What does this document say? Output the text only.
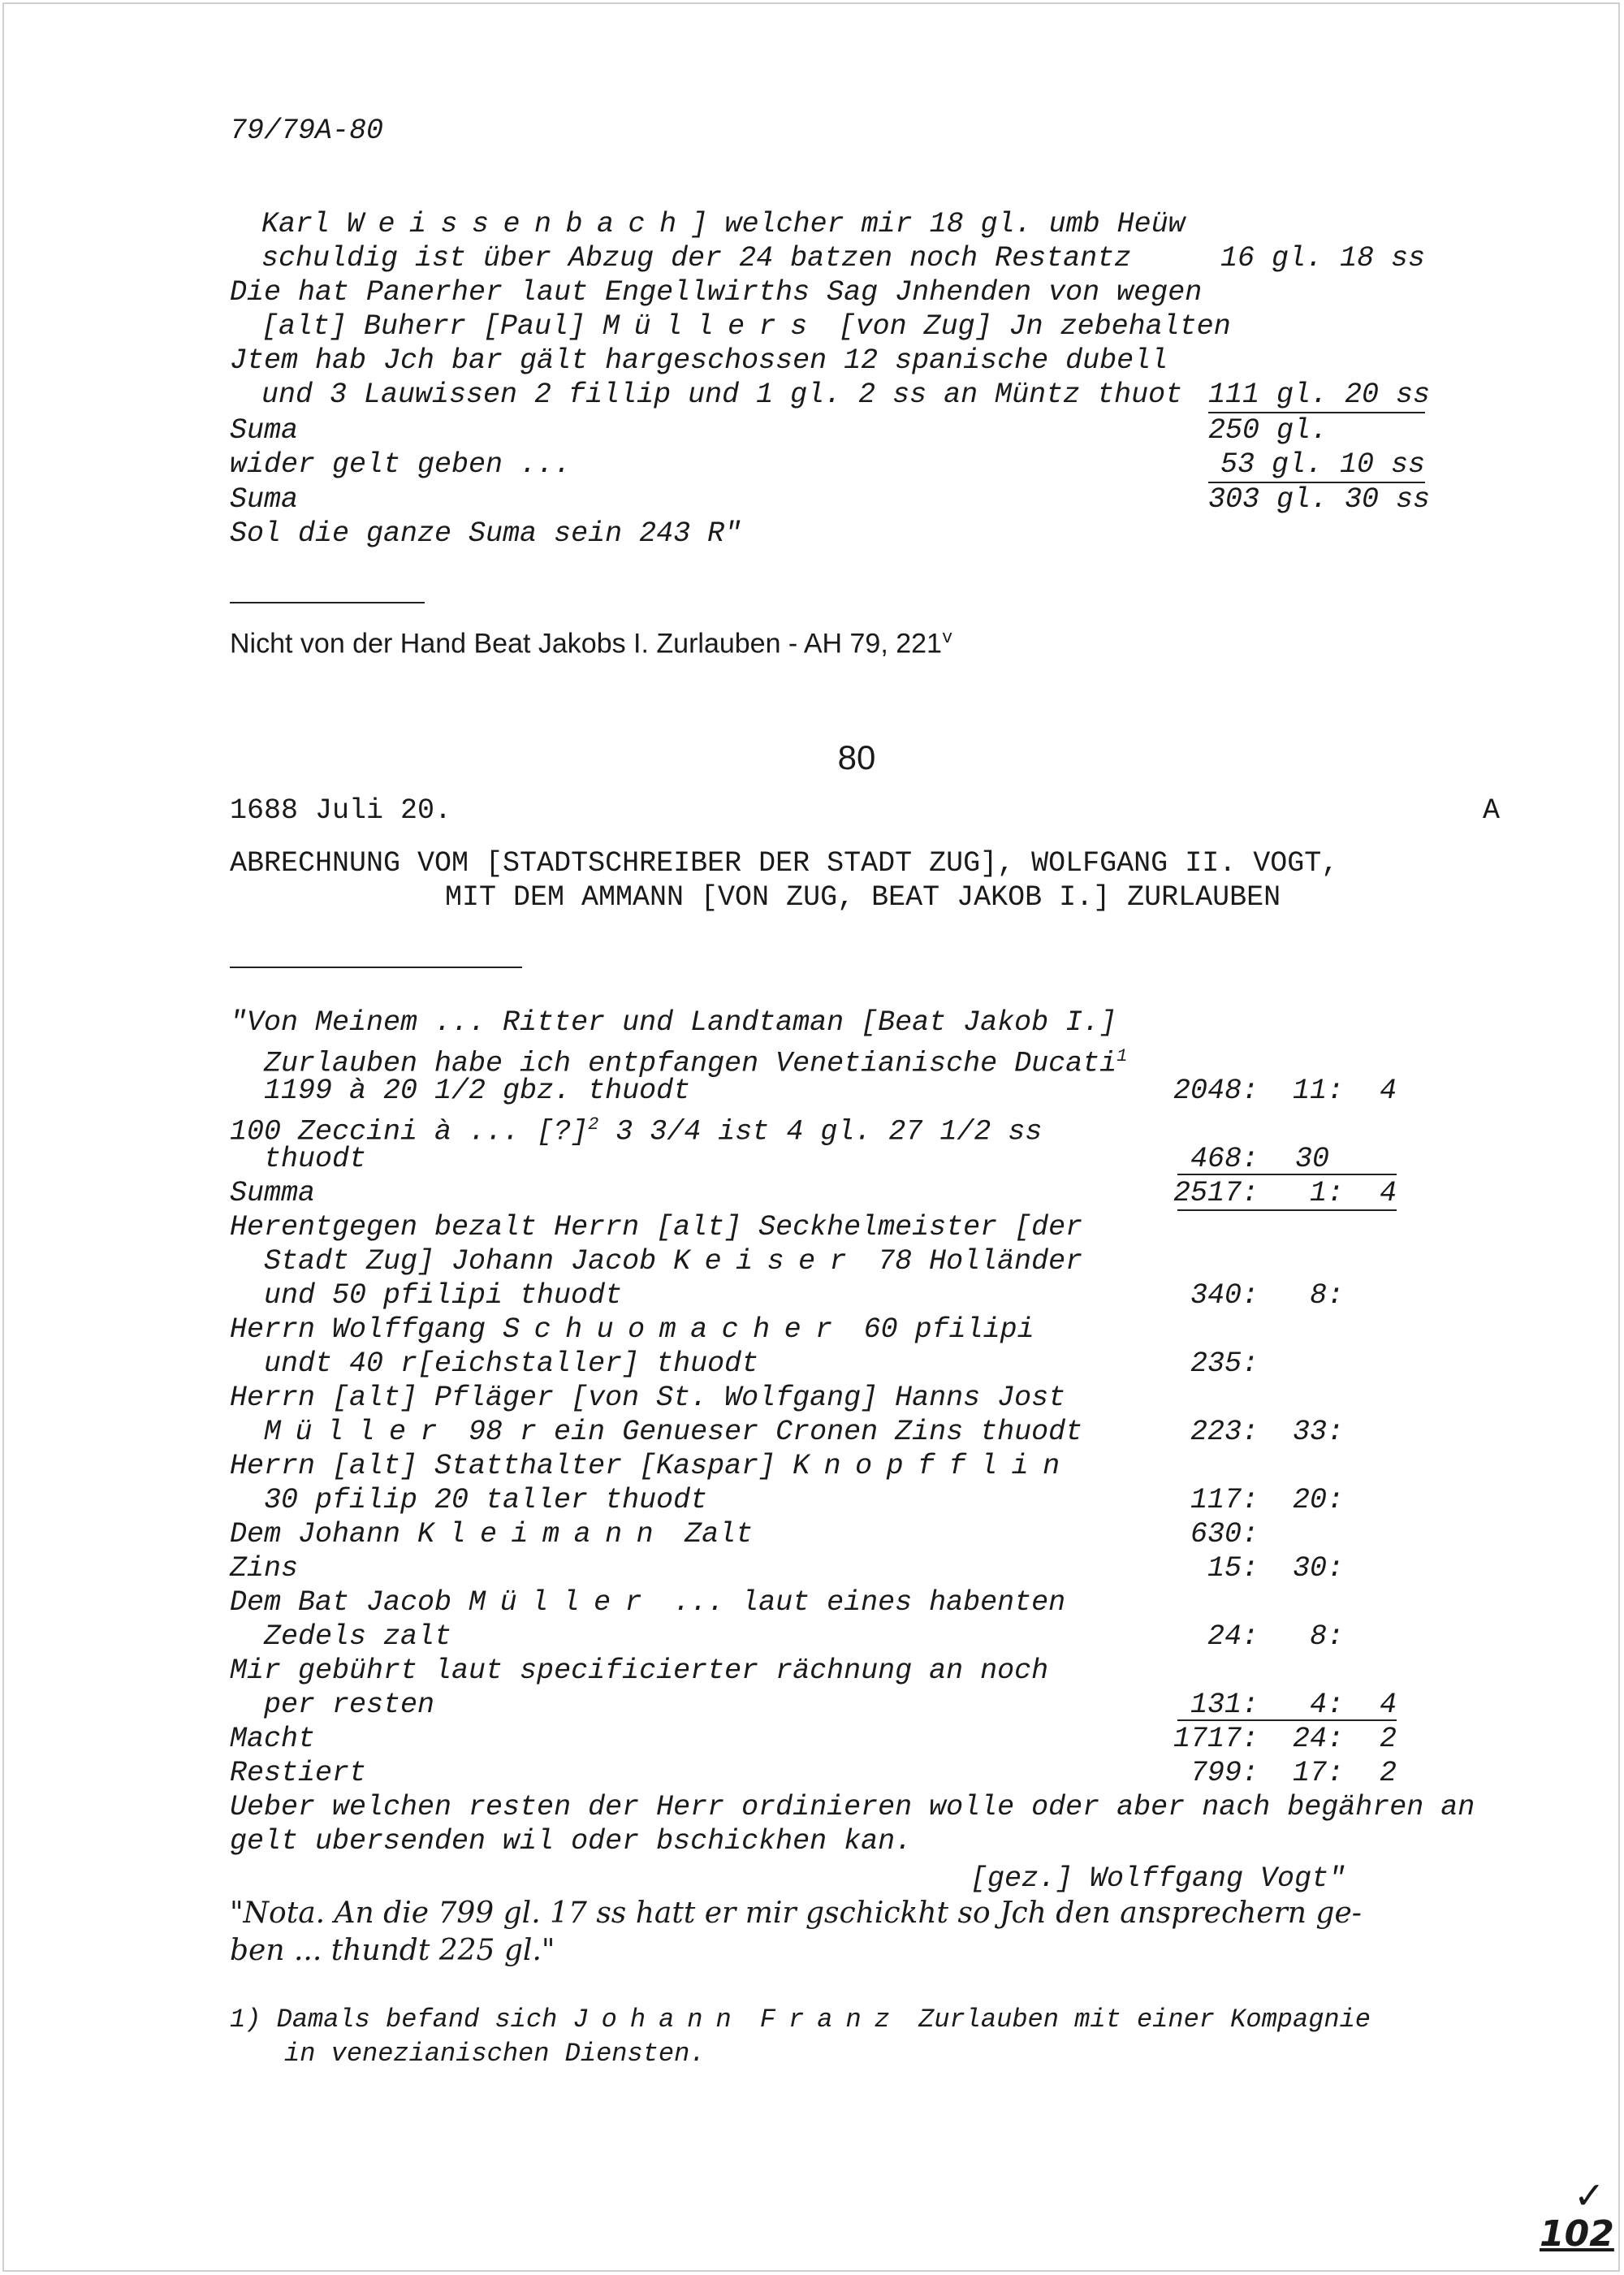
79/79A-80
Karl Weissenbach] welcher mir 18 gl. umb Heüw
schuldig ist über Abzug der 24 batzen noch Restantz	16 gl. 18 ss
Die hat Panerher laut Engellwirths Sag Jnhenden von wegen
[alt] Buherr [Paul] Müllers [von Zug] Jn zebehalten
Jtem hab Jch bar gält hargeschossen 12 spanische dubell
und 3 Lauwissen 2 fillip und 1 gl. 2 ss an Müntz thuot 111 gl. 20 ss
Suma	250 gl.
wider gelt geben ...	53 gl. 10 ss
Suma	303 gl. 30 ss
Sol die ganze Suma sein 243 R"
Nicht von der Hand Beat Jakobs I. Zurlauben - AH 79, 221$^v$
80
1688 Juli 20.	A
ABRECHNUNG VOM [STADTSCHREIBER DER STADT ZUG], WOLFGANG II. VOGT,
MIT DEM AMMANN [VON ZUG, BEAT JAKOB I.] ZURLAUBEN
"Von Meinem ... Ritter und Landtaman [Beat Jakob I.]
Zurlauben habe ich entpfangen Venetianische Ducati$^1$
1199 à 20 1/2 gbz. thuodt	2048:	11:	4
100 Zeccini à ... [?]$^2$ 3 3/4 ist 4 gl. 27 1/2 ss
thuodt	468: 30
Summa	2517:	1:	4
Herentgegen bezalt Herrn [alt] Seckhelmeister [der
Stadt Zug] Johann Jacob Keiser 78 Holländer
und 50 pfilipi thuodt	340:	8:
Herrn Wolffgang Schuomacher 60 pfilipi
undt 40 r[eichstaller] thuodt	235:
Herrn [alt] Pfläger [von St. Wolfgang] Hanns Jost
Müller 98 r ein Genueser Cronen Zins thuodt	223:	33:
Herrn [alt] Statthalter [Kaspar] Knopfflin
30 pfilip 20 taller thuodt	117:	20:
Dem Johann Kleimann Zalt	630:
Zins	15:	30:
Dem Bat Jacob Müller ... laut eines habenten
Zedels zalt	24:	8:
Mir gebührt laut specificierter rächnung an noch
per resten	131:	4:	4
Macht	1717:	24:	2
Restiert	799:	17:	2
Ueber welchen resten der Herr ordinieren wolle oder aber nach begähren an
gelt ubersenden wil oder bschickhen kan.
[gez.] Wolffgang Vogt"
"Nota. An die 799 gl. 17 ss hatt er mir gschickht so Jch den ansprechern ge-
ben ... thundt 225 gl."
1) Damals befand sich Johann Franz Zurlauben mit einer Kompagnie
in venezianischen Diensten.
✓
102
